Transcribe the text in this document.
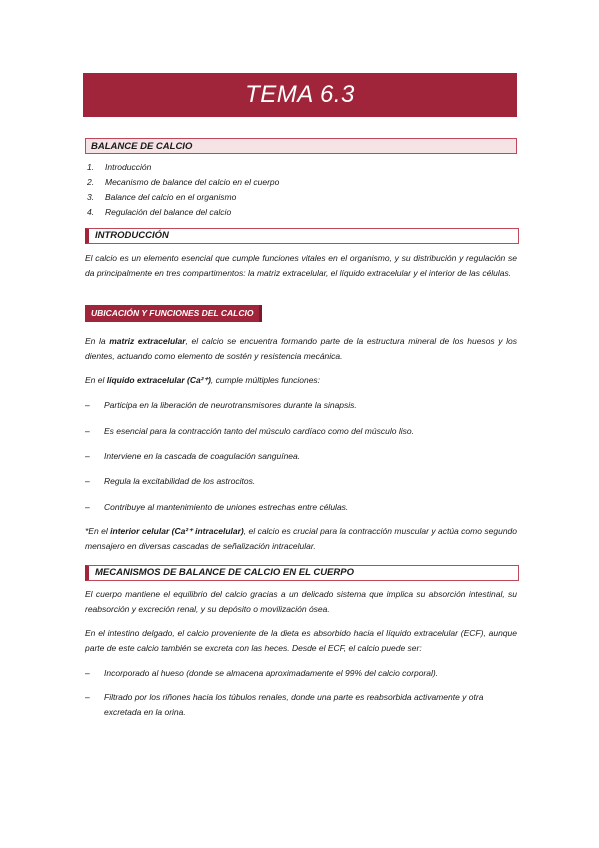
TEMA 6.3
BALANCE DE CALCIO
1. Introducción
2. Mecanismo de balance del calcio en el cuerpo
3. Balance del calcio en el organismo
4. Regulación del balance del calcio
INTRODUCCIÓN
El calcio es un elemento esencial que cumple funciones vitales en el organismo, y su distribución y regulación se da principalmente en tres compartimentos: la matriz extracelular, el líquido extracelular y el interior de las células.
UBICACIÓN Y FUNCIONES DEL CALCIO
En la matriz extracelular, el calcio se encuentra formando parte de la estructura mineral de los huesos y los dientes, actuando como elemento de sostén y resistencia mecánica.
En el líquido extracelular (Ca²⁺), cumple múltiples funciones:
– Participa en la liberación de neurotransmisores durante la sinapsis.
– Es esencial para la contracción tanto del músculo cardíaco como del músculo liso.
– Interviene en la cascada de coagulación sanguínea.
– Regula la excitabilidad de los astrocitos.
– Contribuye al mantenimiento de uniones estrechas entre células.
*En el interior celular (Ca²⁺ intracelular), el calcio es crucial para la contracción muscular y actúa como segundo mensajero en diversas cascadas de señalización intracelular.
MECANISMOS DE BALANCE DE CALCIO EN EL CUERPO
El cuerpo mantiene el equilibrio del calcio gracias a un delicado sistema que implica su absorción intestinal, su reabsorción y excreción renal, y su depósito o movilización ósea.
En el intestino delgado, el calcio proveniente de la dieta es absorbido hacia el líquido extracelular (ECF), aunque parte de este calcio también se excreta con las heces. Desde el ECF, el calcio puede ser:
– Incorporado al hueso (donde se almacena aproximadamente el 99% del calcio corporal).
– Filtrado por los riñones hacia los túbulos renales, donde una parte es reabsorbida activamente y otra excretada en la orina.
